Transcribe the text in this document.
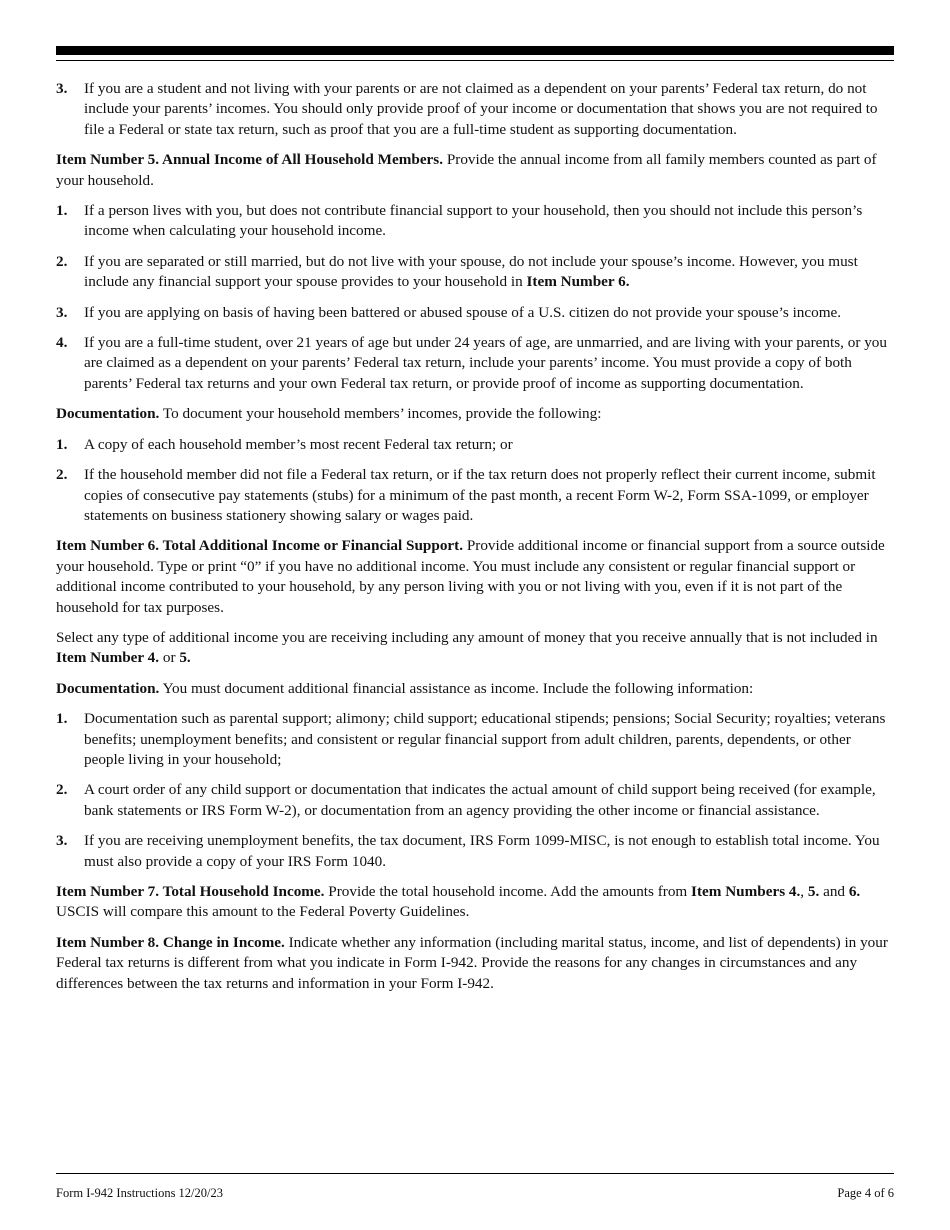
3.	If you are a student and not living with your parents or are not claimed as a dependent on your parents’ Federal tax return, do not include your parents’ incomes. You should only provide proof of your income or documentation that shows you are not required to file a Federal or state tax return, such as proof that you are a full-time student as supporting documentation.

Item Number 5. Annual Income of All Household Members. Provide the annual income from all family members counted as part of your household.

1.	If a person lives with you, but does not contribute financial support to your household, then you should not include this person’s income when calculating your household income.
2.	If you are separated or still married, but do not live with your spouse, do not include your spouse’s income. However, you must include any financial support your spouse provides to your household in Item Number 6.
3.	If you are applying on basis of having been battered or abused spouse of a U.S. citizen do not provide your spouse’s income.
4.	If you are a full-time student, over 21 years of age but under 24 years of age, are unmarried, and are living with your parents, or you are claimed as a dependent on your parents’ Federal tax return, include your parents’ income. You must provide a copy of both parents’ Federal tax returns and your own Federal tax return, or provide proof of income as supporting documentation.

Documentation. To document your household members’ incomes, provide the following:

1.	A copy of each household member’s most recent Federal tax return; or
2.	If the household member did not file a Federal tax return, or if the tax return does not properly reflect their current income, submit copies of consecutive pay statements (stubs) for a minimum of the past month, a recent Form W-2, Form SSA-1099, or employer statements on business stationery showing salary or wages paid.

Item Number 6. Total Additional Income or Financial Support. Provide additional income or financial support from a source outside your household. Type or print “0” if you have no additional income. You must include any consistent or regular financial support or additional income contributed to your household, by any person living with you or not living with you, even if it is not part of the household for tax purposes.

Select any type of additional income you are receiving including any amount of money that you receive annually that is not included in Item Number 4. or 5.

Documentation. You must document additional financial assistance as income. Include the following information:

1.	Documentation such as parental support; alimony; child support; educational stipends; pensions; Social Security; royalties; veterans benefits; unemployment benefits; and consistent or regular financial support from adult children, parents, dependents, or other people living in your household;
2.	A court order of any child support or documentation that indicates the actual amount of child support being received (for example, bank statements or IRS Form W-2), or documentation from an agency providing the other income or financial assistance.
3.	If you are receiving unemployment benefits, the tax document, IRS Form 1099-MISC, is not enough to establish total income. You must also provide a copy of your IRS Form 1040.

Item Number 7. Total Household Income. Provide the total household income. Add the amounts from Item Numbers 4., 5. and 6. USCIS will compare this amount to the Federal Poverty Guidelines.

Item Number 8. Change in Income. Indicate whether any information (including marital status, income, and list of dependents) in your Federal tax returns is different from what you indicate in Form I-942. Provide the reasons for any changes in circumstances and any differences between the tax returns and information in your Form I-942.

Form I-942 Instructions 12/20/23	Page 4 of 6
